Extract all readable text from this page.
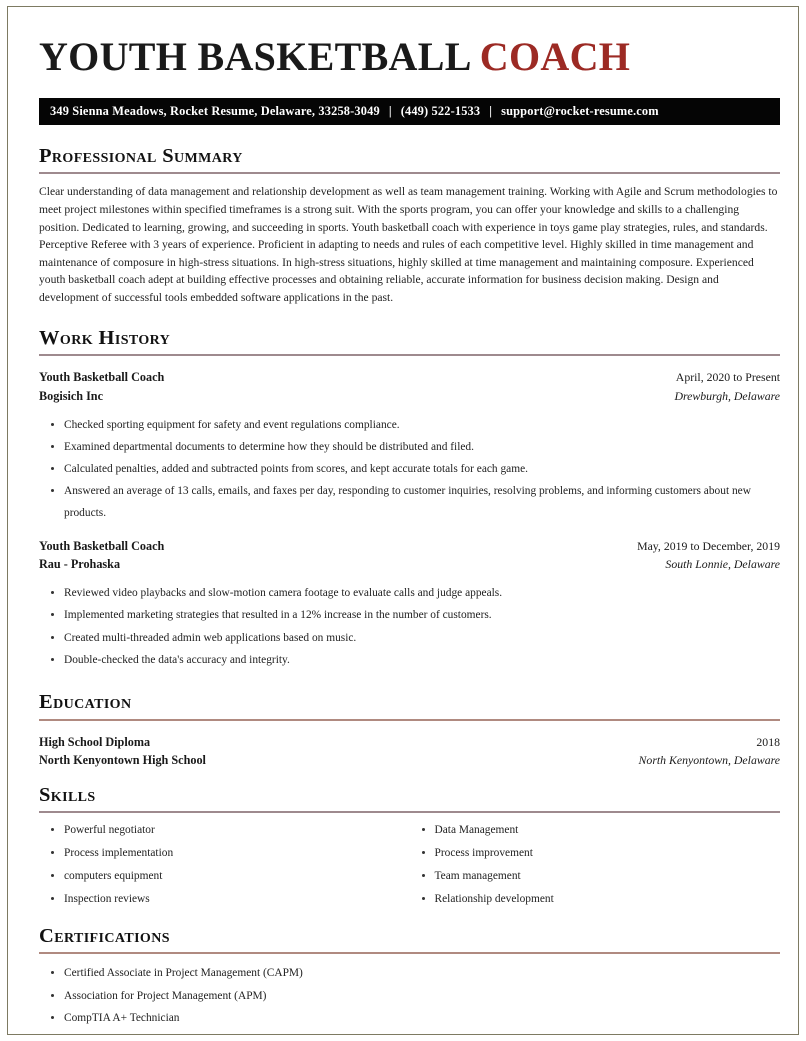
YOUTH BASKETBALL COACH
349 Sienna Meadows, Rocket Resume, Delaware, 33258-3049 | (449) 522-1533 | support@rocket-resume.com
Professional Summary
Clear understanding of data management and relationship development as well as team management training. Working with Agile and Scrum methodologies to meet project milestones within specified timeframes is a strong suit. With the sports program, you can offer your knowledge and skills to a challenging position. Dedicated to learning, growing, and succeeding in sports. Youth basketball coach with experience in toys game play strategies, rules, and standards. Perceptive Referee with 3 years of experience. Proficient in adapting to needs and rules of each competitive level. Highly skilled in time management and maintenance of composure in high-stress situations. In high-stress situations, highly skilled at time management and maintaining composure. Experienced youth basketball coach adept at building effective processes and obtaining reliable, accurate information for business decision making. Design and development of successful tools embedded software applications in the past.
Work History
Youth Basketball Coach	April, 2020 to Present
Bogisich Inc	Drewburgh, Delaware
Checked sporting equipment for safety and event regulations compliance.
Examined departmental documents to determine how they should be distributed and filed.
Calculated penalties, added and subtracted points from scores, and kept accurate totals for each game.
Answered an average of 13 calls, emails, and faxes per day, responding to customer inquiries, resolving problems, and informing customers about new products.
Youth Basketball Coach	May, 2019 to December, 2019
Rau - Prohaska	South Lonnie, Delaware
Reviewed video playbacks and slow-motion camera footage to evaluate calls and judge appeals.
Implemented marketing strategies that resulted in a 12% increase in the number of customers.
Created multi-threaded admin web applications based on music.
Double-checked the data's accuracy and integrity.
Education
High School Diploma	2018
North Kenyontown High School	North Kenyontown, Delaware
Skills
Powerful negotiator
Process implementation
computers equipment
Inspection reviews
Data Management
Process improvement
Team management
Relationship development
Certifications
Certified Associate in Project Management (CAPM)
Association for Project Management (APM)
CompTIA A+ Technician
